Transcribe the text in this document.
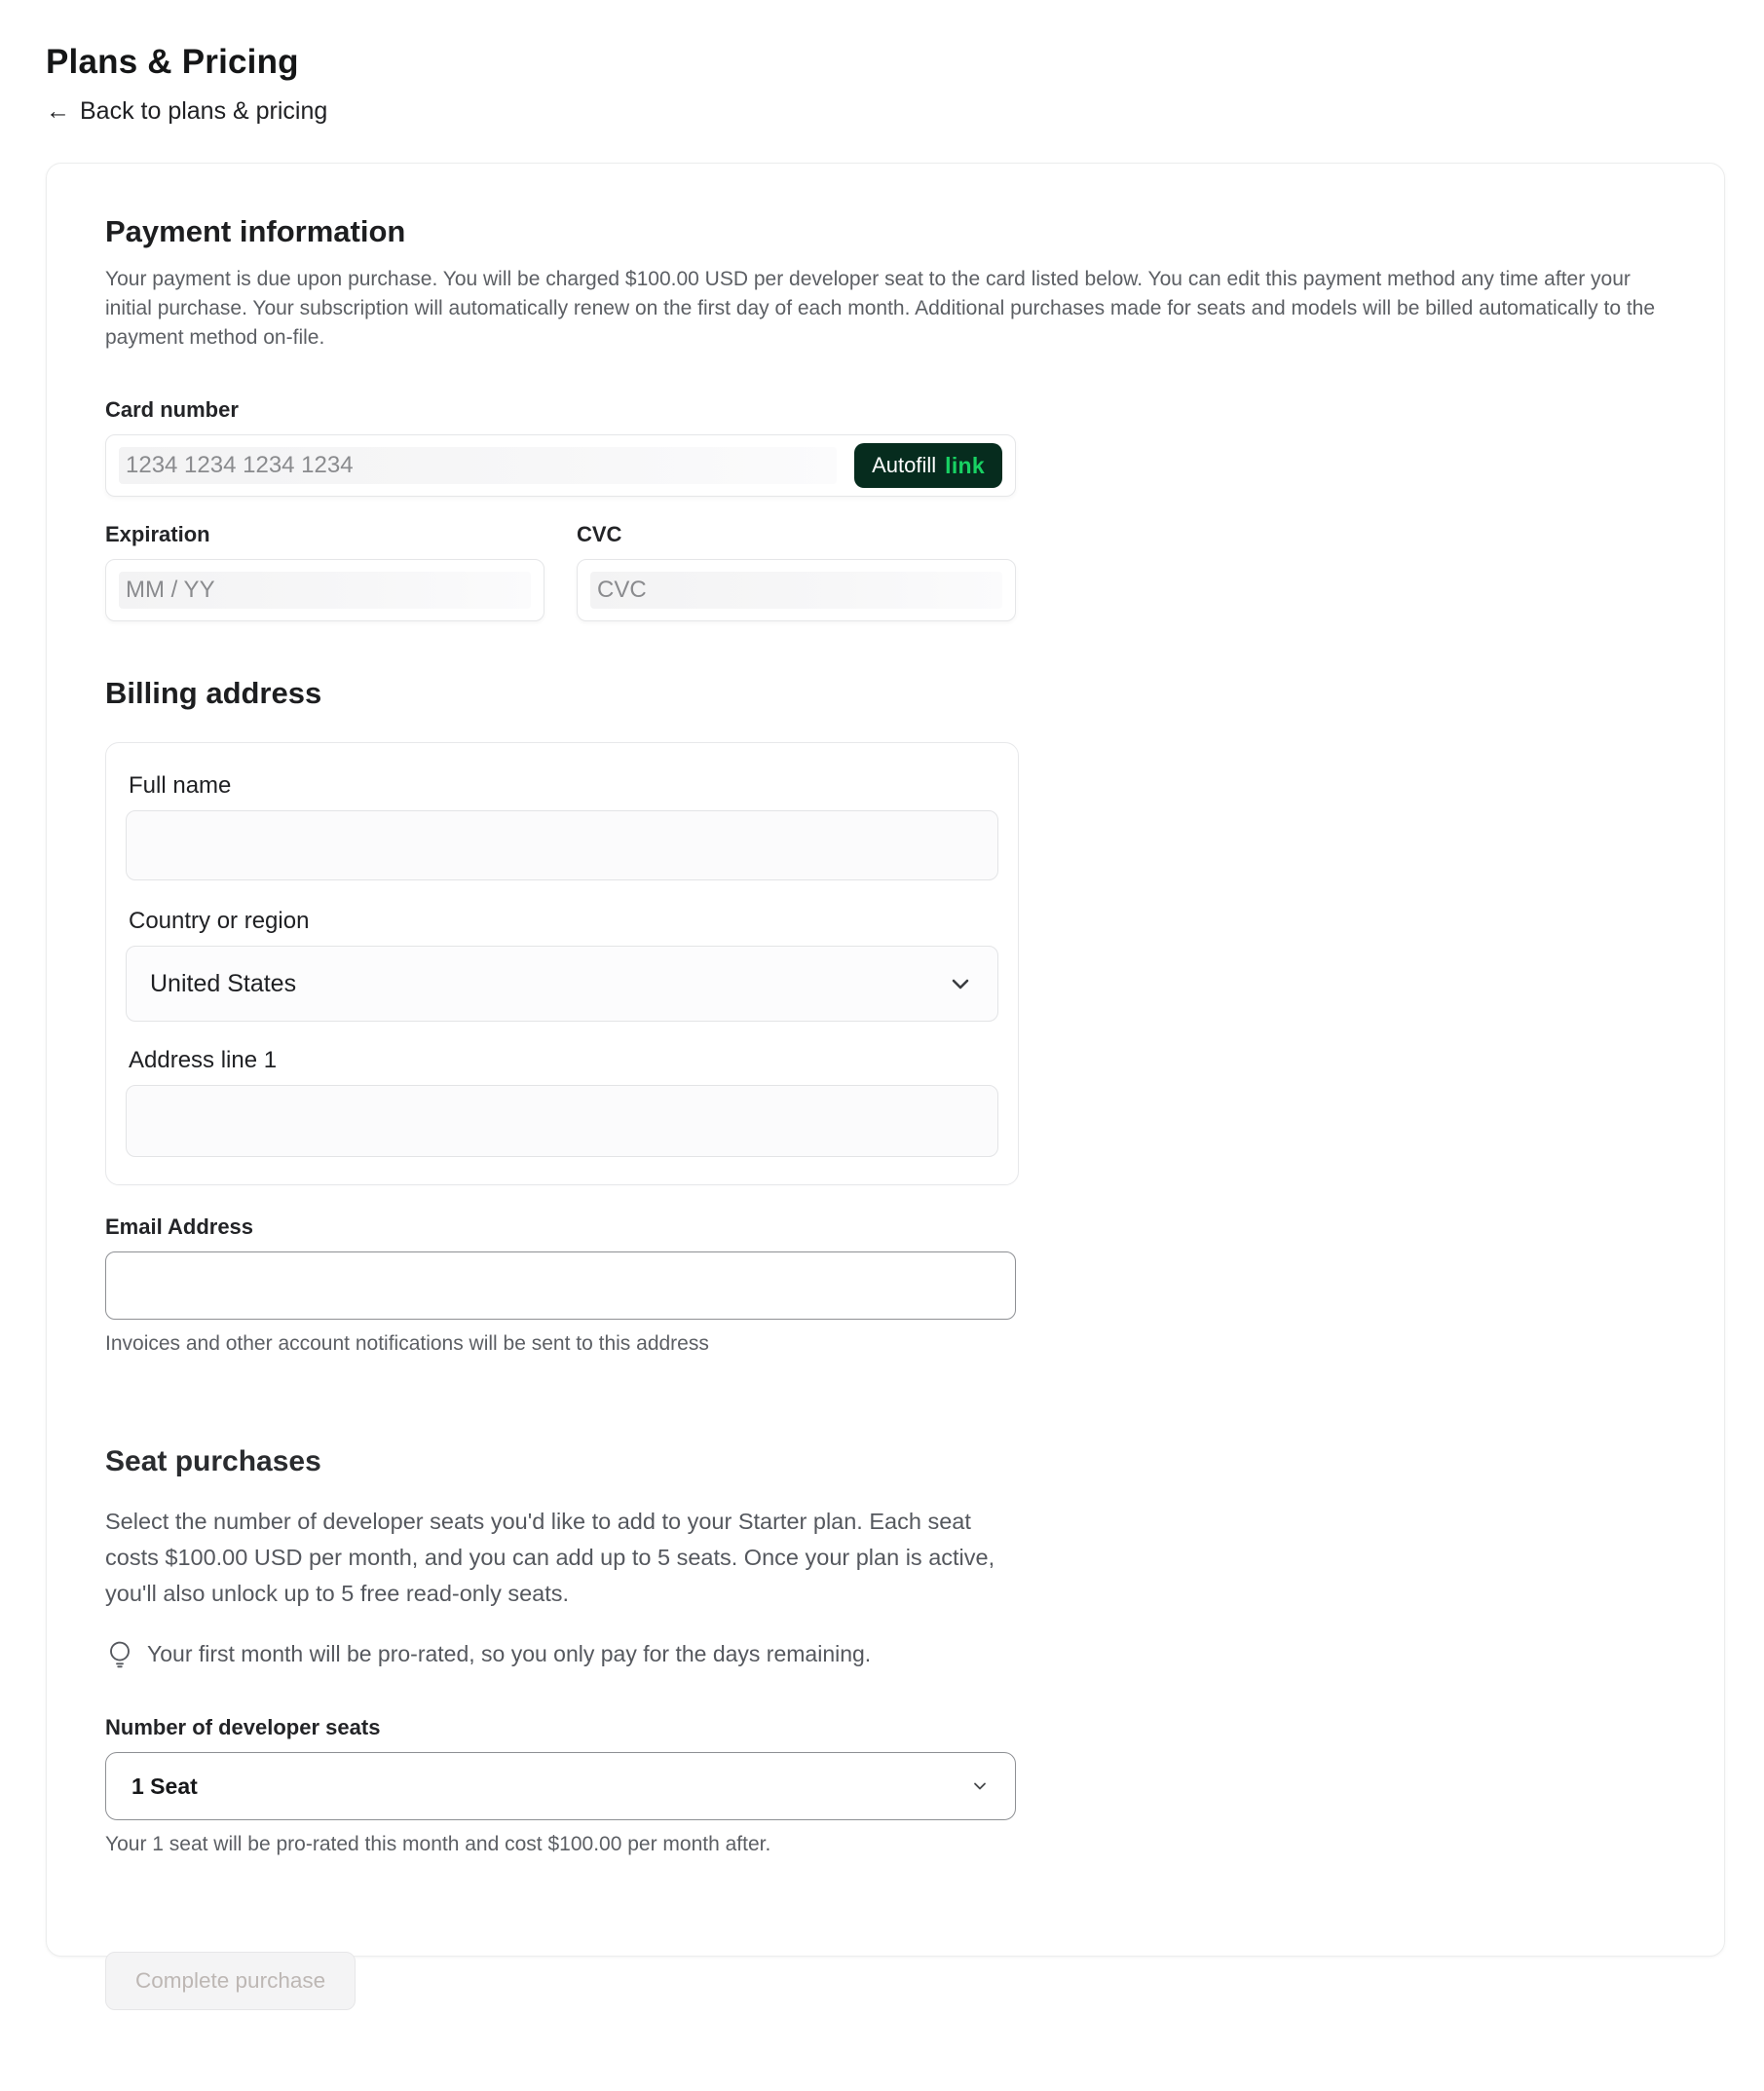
Plans & Pricing
← Back to plans & pricing
Payment information

Your payment is due upon purchase. You will be charged $100.00 USD per developer seat to the card listed below. You can edit this payment method any time after your initial purchase. Your subscription will automatically renew on the first day of each month. Additional purchases made for seats and models will be billed automatically to the payment method on-file.

Card number
1234 1234 1234 1234	Autofill link
Expiration
MM / YY
CVC
CVC
Billing address
Full name
Country or region
United States
Address line 1
Email Address
Invoices and other account notifications will be sent to this address
Seat purchases

Select the number of developer seats you'd like to add to your Starter plan. Each seat costs $100.00 USD per month, and you can add up to 5 seats. Once your plan is active, you'll also unlock up to 5 free read-only seats.

Your first month will be pro-rated, so you only pay for the days remaining.
Number of developer seats
1 Seat
Your 1 seat will be pro-rated this month and cost $100.00 per month after.
Complete purchase
